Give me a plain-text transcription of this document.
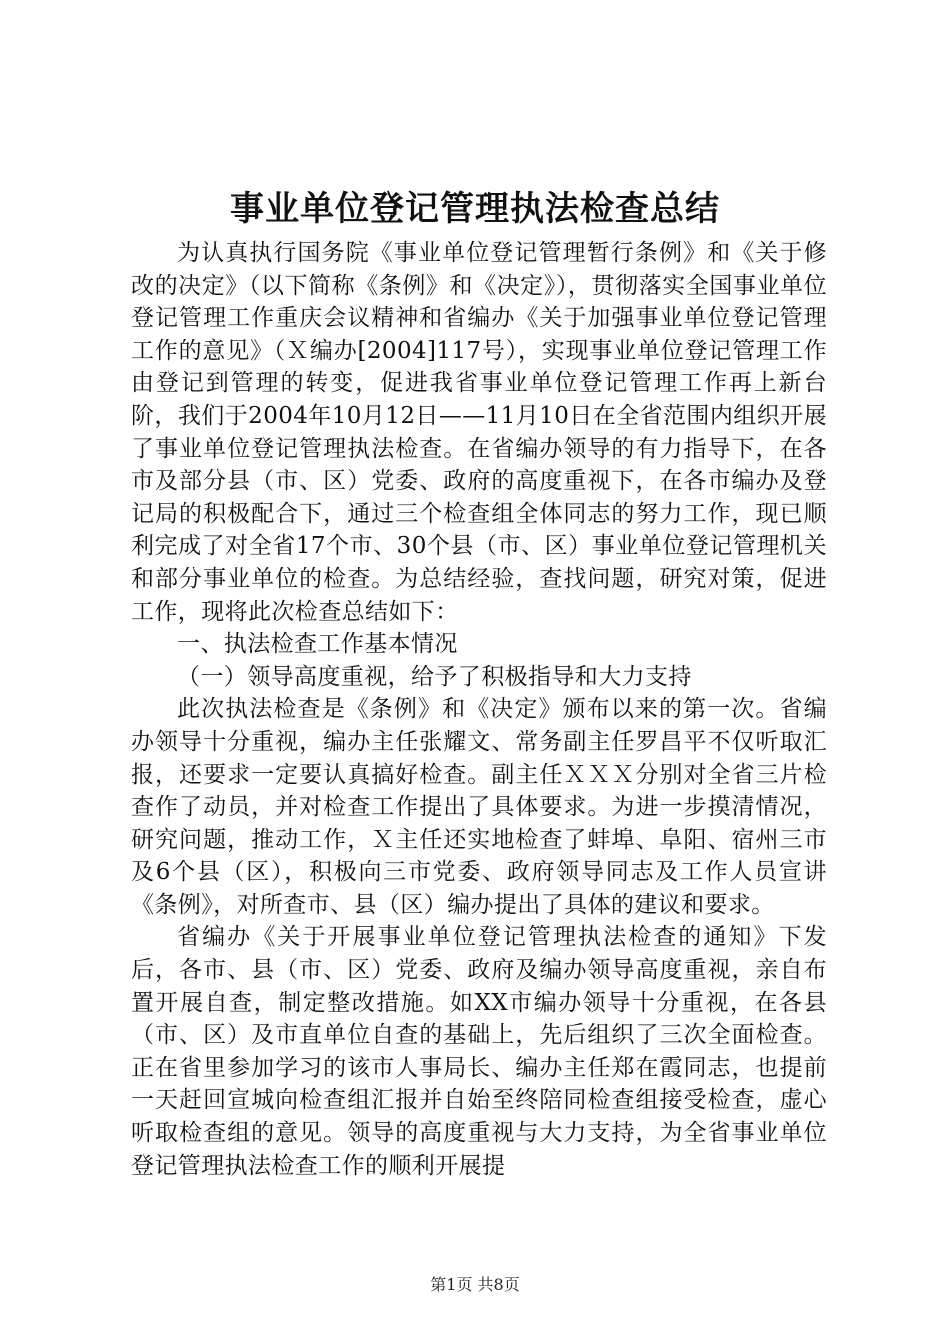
事业单位登记管理执法检查总结

为认真执行国务院《事业单位登记管理暂行条例》和《关于修改的决定》（以下简称《条例》和《决定》），贯彻落实全国事业单位登记管理工作重庆会议精神和省编办《关于加强事业单位登记管理工作的意见》（Ｘ编办[2004]117号），实现事业单位登记管理工作由登记到管理的转变，促进我省事业单位登记管理工作再上新台阶，我们于2004年10月12日——11月10日在全省范围内组织开展了事业单位登记管理执法检查。在省编办领导的有力指导下，在各市及部分县（市、区）党委、政府的高度重视下，在各市编办及登记局的积极配合下，通过三个检查组全体同志的努力工作，现已顺利完成了对全省17个市、30个县（市、区）事业单位登记管理机关和部分事业单位的检查。为总结经验，查找问题，研究对策，促进工作，现将此次检查总结如下：

一、执法检查工作基本情况

（一）领导高度重视，给予了积极指导和大力支持

此次执法检查是《条例》和《决定》颁布以来的第一次。省编办领导十分重视，编办主任张耀文、常务副主任罗昌平不仅听取汇报，还要求一定要认真搞好检查。副主任ＸＸＸ分别对全省三片检查作了动员，并对检查工作提出了具体要求。为进一步摸清情况，研究问题，推动工作，Ｘ主任还实地检查了蚌埠、阜阳、宿州三市及6个县（区），积极向三市党委、政府领导同志及工作人员宣讲《条例》，对所查市、县（区）编办提出了具体的建议和要求。

省编办《关于开展事业单位登记管理执法检查的通知》下发后，各市、县（市、区）党委、政府及编办领导高度重视，亲自布置开展自查，制定整改措施。如XX市编办领导十分重视，在各县（市、区）及市直单位自查的基础上，先后组织了三次全面检查。正在省里参加学习的该市人事局长、编办主任郑在霞同志，也提前一天赶回宣城向检查组汇报并自始至终陪同检查组接受检查，虚心听取检查组的意见。领导的高度重视与大力支持，为全省事业单位登记管理执法检查工作的顺利开展提

第1页 共8页
